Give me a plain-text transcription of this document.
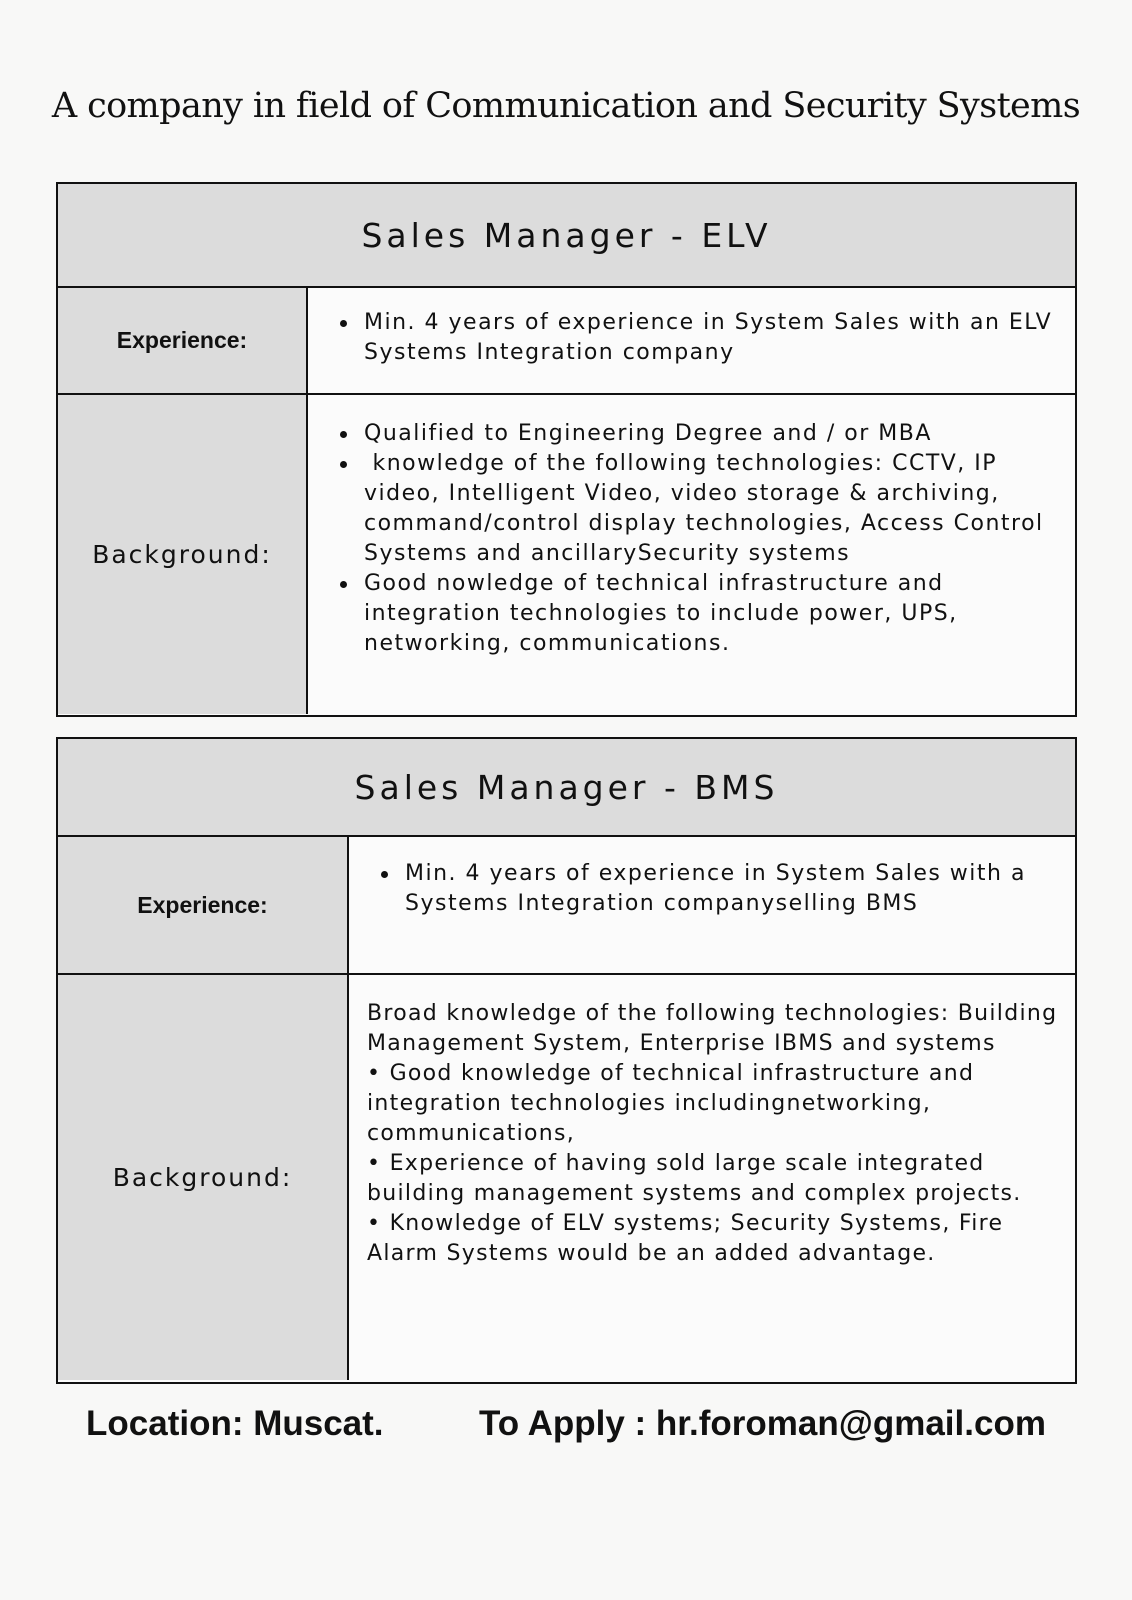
A company in field of Communication and Security Systems
Sales Manager - ELV
Experience:
Min. 4 years of experience in System Sales with an ELV Systems Integration company
Background:
Qualified to Engineering Degree and / or MBA
knowledge of the following technologies: CCTV, IP video, Intelligent Video, video storage & archiving, command/control display technologies, Access Control Systems and ancillarySecurity systems
Good nowledge of technical infrastructure and integration technologies to include power, UPS, networking, communications.
Sales Manager - BMS
Experience:
Min. 4 years of experience in System Sales with a Systems Integration companyselling BMS
Background:
Broad knowledge of the following technologies: Building Management System, Enterprise IBMS and systems
• Good knowledge of technical infrastructure and integration technologies includingnetworking, communications,
• Experience of having sold large scale integrated building management systems and complex projects.
• Knowledge of ELV systems; Security Systems, Fire Alarm Systems would be an added advantage.
Location: Muscat.	To Apply : hr.foroman@gmail.com
